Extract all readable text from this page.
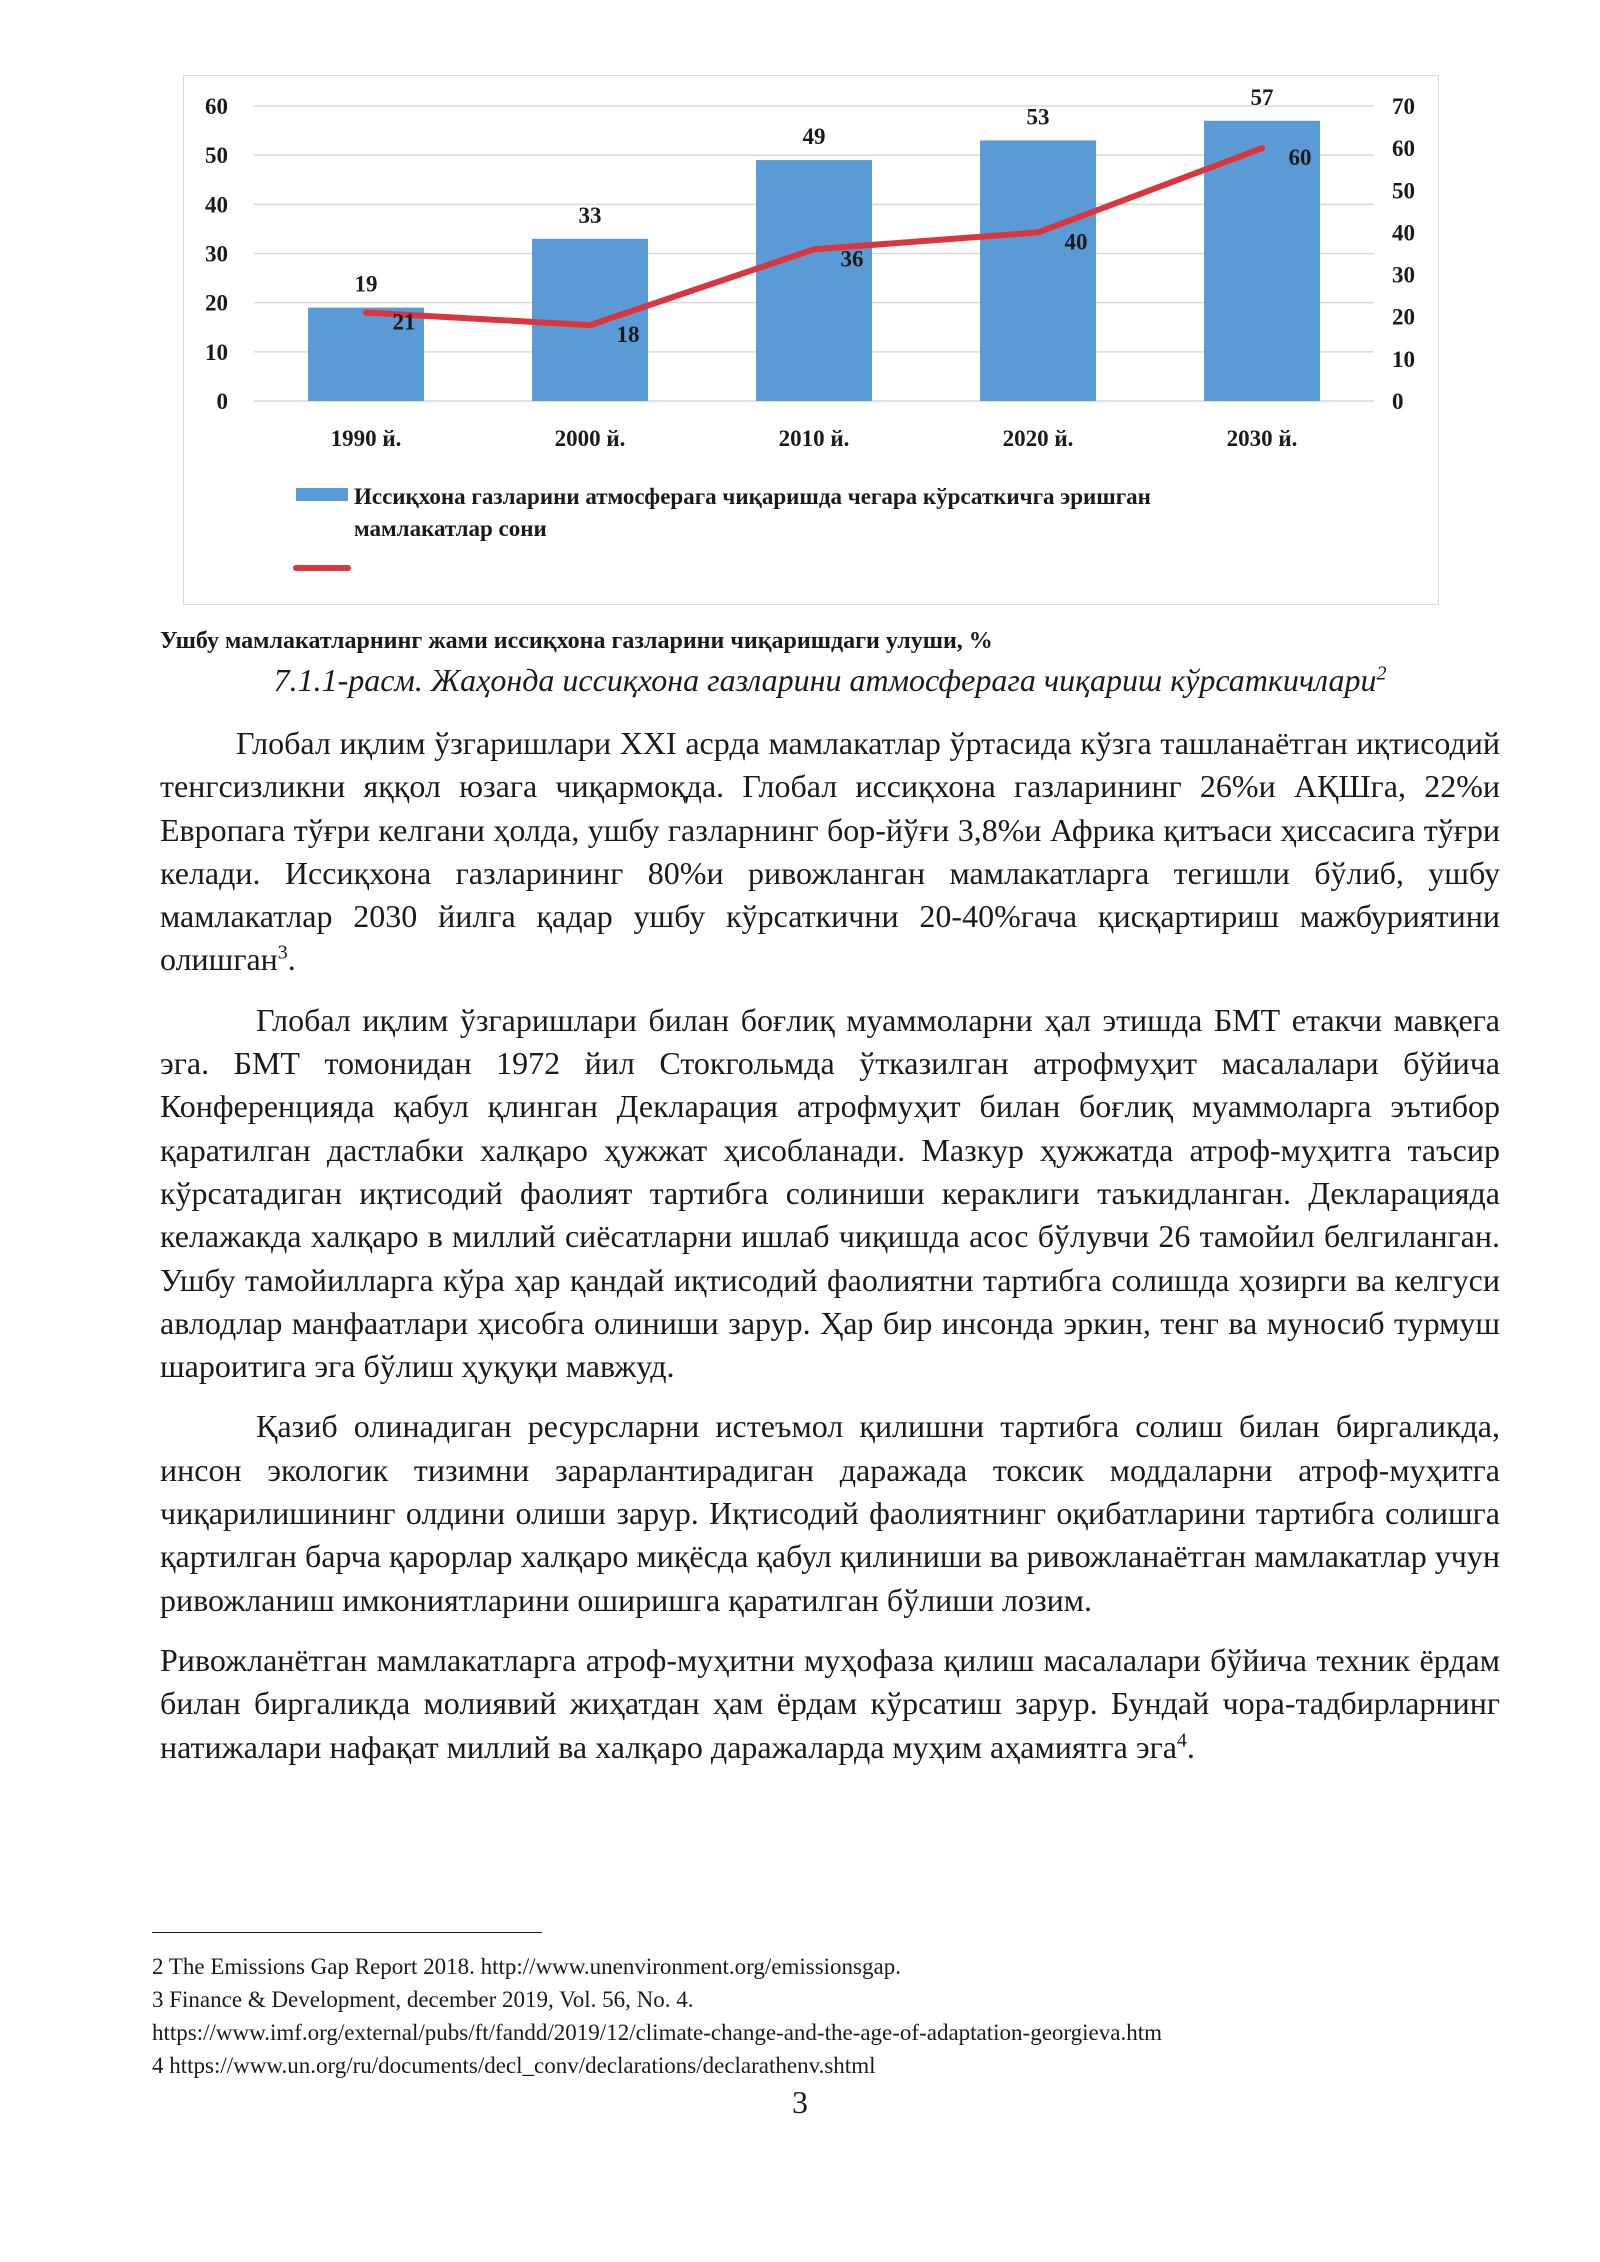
0
10
20
30
40
50
60
0
10
20
30
40
50
60
70
19
33
49
53
57
1990 й.	2000 й.	2010 й.	2020 й.	2030 й.
21
18
36
40
60
Иссиқхона газларини атмосферага чиқаришда чегара кўрсаткичга эришган
мамлакатлар сони
Ушбу мамлакатларнинг жами иссиқхона газларини чиқаришдаги улуши, %
7.1.1-расм. Жаҳонда иссиқхона газларини атмосферага чиқариш кўрсаткичлари$^2$

Глобал иқлим ўзгаришлари XXI асрда мамлакатлар ўртасида кўзга ташланаётган иқтисодий тенгсизликни яққол юзага чиқармоқда. Глобал иссиқхона газларининг 26%и АҚШга, 22%и Европага тўғри келгани ҳолда, ушбу газларнинг бор-йўғи 3,8%и Африка қитъаси ҳиссасига тўғри келади. Иссиқхона газларининг 80%и ривожланган мамлакатларга тегишли бўлиб, ушбу мамлакатлар 2030 йилга қадар ушбу кўрсаткични 20-40%гача қисқартириш мажбуриятини олишган$^3$.

Глобал иқлим ўзгаришлари билан боғлиқ муаммоларни ҳал этишда БМТ етакчи мавқега эга. БМТ томонидан 1972 йил Стокгольмда ўтказилган атрофмуҳит масалалари бўйича Конференцияда қабул қлинган Декларация атрофмуҳит билан боғлиқ муаммоларга эътибор қаратилган дастлабки халқаро ҳужжат ҳисобланади. Мазкур ҳужжатда атроф-муҳитга таъсир кўрсатадиган иқтисодий фаолият тартибга солиниши кераклиги таъкидланган. Декларацияда келажакда халқаро в миллий сиёсатларни ишлаб чиқишда асос бўлувчи 26 тамойил белгиланган. Ушбу тамойилларга кўра ҳар қандай иқтисодий фаолиятни тартибга солишда ҳозирги ва келгуси авлодлар манфаатлари ҳисобга олиниши зарур. Ҳар бир инсонда эркин, тенг ва муносиб турмуш шароитига эга бўлиш ҳуқуқи мавжуд.

Қазиб олинадиган ресурсларни истеъмол қилишни тартибга солиш билан биргаликда, инсон экологик тизимни зарарлантирадиган даражада токсик моддаларни атроф-муҳитга чиқарилишининг олдини олиши зарур. Иқтисодий фаолиятнинг оқибатларини тартибга солишга қартилган барча қарорлар халқаро миқёсда қабул қилиниши ва ривожланаётган мамлакатлар учун ривожланиш имкониятларини оширишга қаратилган бўлиши лозим.

Ривожланётган мамлакатларга атроф-муҳитни муҳофаза қилиш масалалари бўйича техник ёрдам билан биргаликда молиявий жиҳатдан ҳам ёрдам кўрсатиш зарур. Бундай чора-тадбирларнинг натижалари нафақат миллий ва халқаро даражаларда муҳим аҳамиятга эга$^4$.

2 The Emissions Gap Report 2018. http://www.unenvironment.org/emissionsgap.
3 Finance & Development, december 2019, Vol. 56, No. 4.
https://www.imf.org/external/pubs/ft/fandd/2019/12/climate-change-and-the-age-of-adaptation-georgieva.htm
4 https://www.un.org/ru/documents/decl_conv/declarations/declarathenv.shtml
3
